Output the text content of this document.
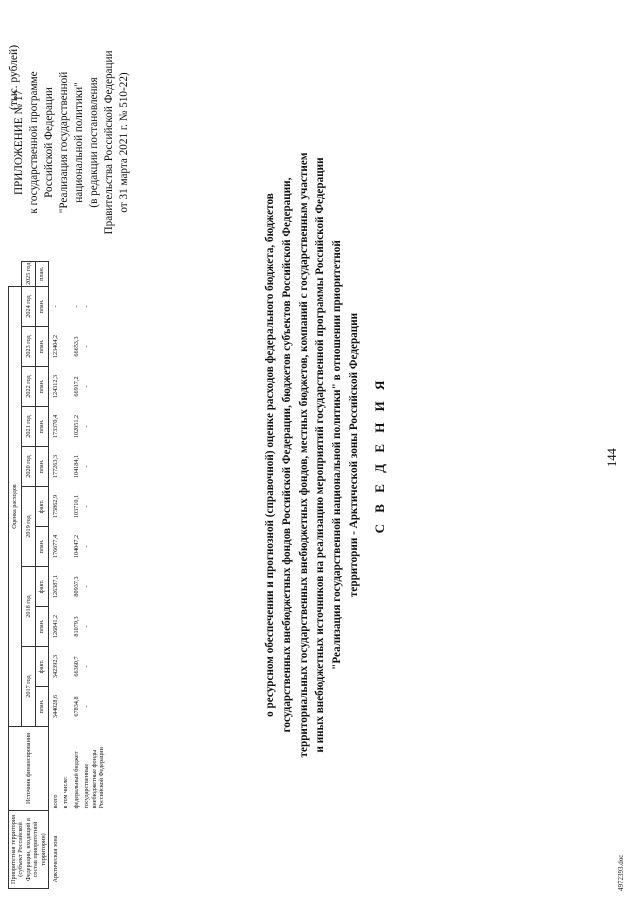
144
ПРИЛОЖЕНИЕ № 17 к государственной программе Российской Федерации "Реализация государственной национальной политики" (в редакции постановления Правительства Российской Федерации от 31 марта 2021 г. № 510-22)
С В Е Д Е Н И Я
о ресурсном обеспечении и прогнозной (справочной) оценке расходов федерального бюджета, бюджетов государственных внебюджетных фондов Российской Федерации, бюджетов субъектов Российской Федерации, территориальных государственных внебюджетных фондов, местных бюджетов, компаний с государственным участием и иных внебюджетных источников на реализацию мероприятий государственной программы Российской Федерации "Реализация государственной национальной политики" в отношении приоритетной территории - Арктической зоны Российской Федерации
(тыс. рублей)
Приоритетная территория (субъект Российской Федерации, входящий в состав приоритетной территории)	Источник финансирования	Оценка расходов											
		2017 год		2018 год		2019 год		2020 год	2021 год	2022 год	2023 год	2024 год	2025 год
		план.	факт.	план.	факт.	план.	факт.	план.	план.	план.	план.	план.	план.
Арктическая зона	всего	344028,6	342392,3	126841,2	126387,1	176677,4	175862,9	177263,3	173370,4	124312,3	123404,2	-	
	в том числе:												
	федеральный бюджет	67834,8	66360,7	81079,3	80937,3	104047,2	103710,1	104184,1	102051,2	66917,2	66653,3	-	
	государственные внебюджетные фонды Российской Федерации	-	-	-	-	-	-	-	-	-	-	-	
4972393.doc
